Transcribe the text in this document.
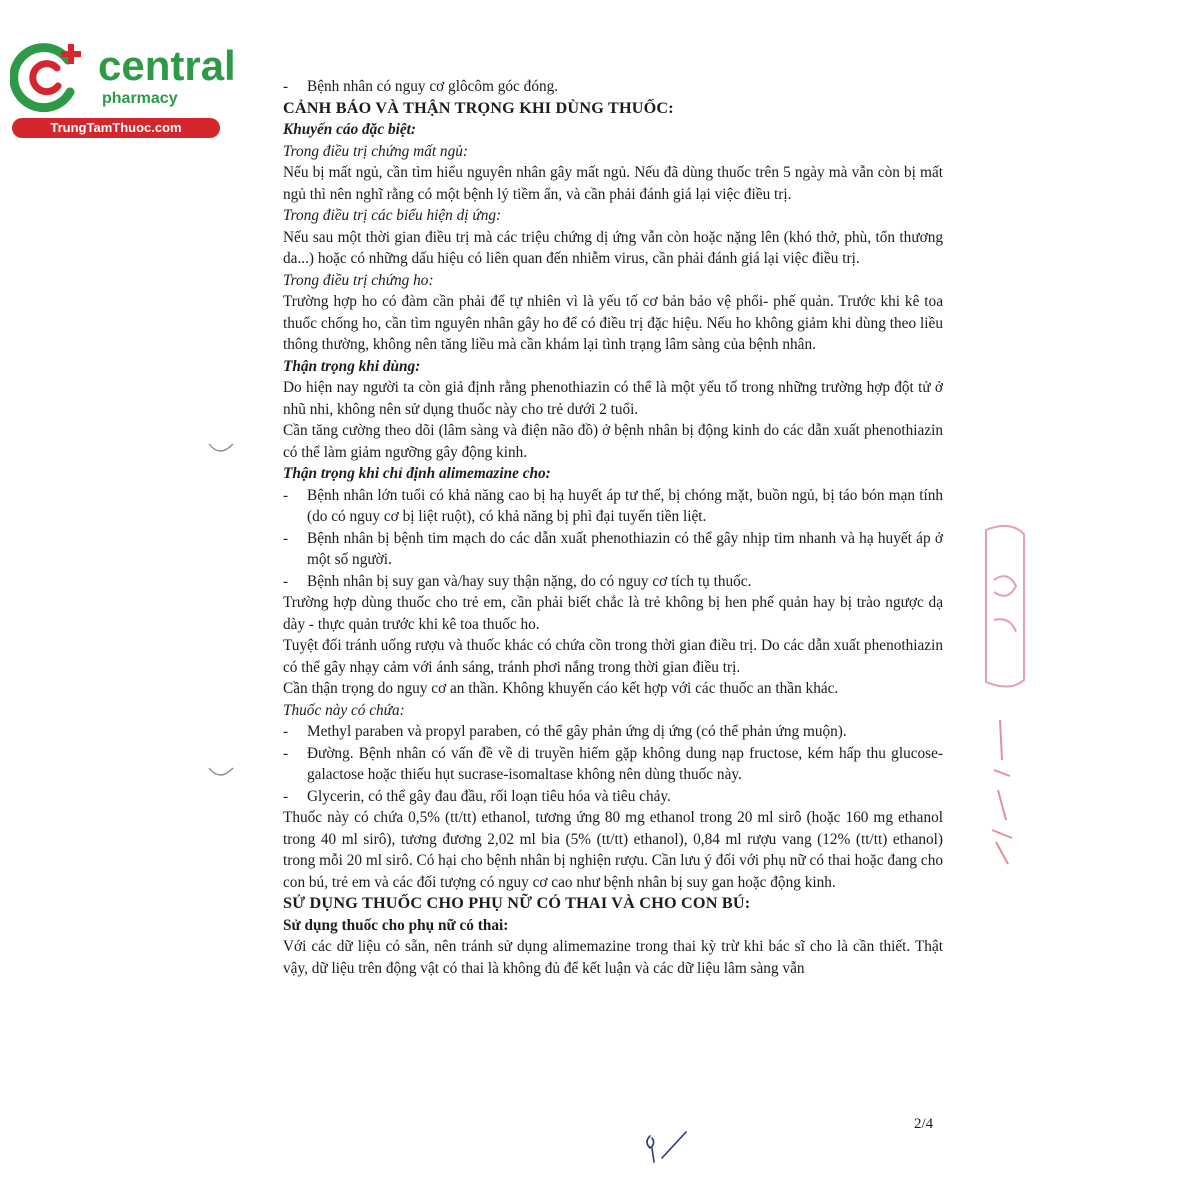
central
pharmacy
TrungTamThuoc.com
- Bệnh nhân có nguy cơ glôcôm góc đóng.

CẢNH BÁO VÀ THẬN TRỌNG KHI DÙNG THUỐC:

Khuyến cáo đặc biệt:

Trong điều trị chứng mất ngủ:

Nếu bị mất ngủ, cần tìm hiểu nguyên nhân gây mất ngủ. Nếu đã dùng thuốc trên 5 ngày mà vẫn còn bị mất ngủ thì nên nghĩ rằng có một bệnh lý tiềm ẩn, và cần phải đánh giá lại việc điều trị.

Trong điều trị các biểu hiện dị ứng:

Nếu sau một thời gian điều trị mà các triệu chứng dị ứng vẫn còn hoặc nặng lên (khó thở, phù, tổn thương da...) hoặc có những dấu hiệu có liên quan đến nhiễm virus, cần phải đánh giá lại việc điều trị.

Trong điều trị chứng ho:

Trường hợp ho có đàm cần phải để tự nhiên vì là yếu tố cơ bản bảo vệ phổi- phế quản. Trước khi kê toa thuốc chống ho, cần tìm nguyên nhân gây ho để có điều trị đặc hiệu. Nếu ho không giảm khi dùng theo liều thông thường, không nên tăng liều mà cần khám lại tình trạng lâm sàng của bệnh nhân.

Thận trọng khi dùng:

Do hiện nay người ta còn giả định rằng phenothiazin có thể là một yếu tố trong những trường hợp đột tử ở nhũ nhi, không nên sử dụng thuốc này cho trẻ dưới 2 tuổi.

Cần tăng cường theo dõi (lâm sàng và điện não đồ) ở bệnh nhân bị động kinh do các dẫn xuất phenothiazin có thể làm giảm ngưỡng gây động kinh.

Thận trọng khi chỉ định alimemazine cho:

- Bệnh nhân lớn tuổi có khả năng cao bị hạ huyết áp tư thế, bị chóng mặt, buồn ngủ, bị táo bón mạn tính (do có nguy cơ bị liệt ruột), có khả năng bị phì đại tuyến tiền liệt.
- Bệnh nhân bị bệnh tim mạch do các dẫn xuất phenothiazin có thể gây nhịp tim nhanh và hạ huyết áp ở một số người.
- Bệnh nhân bị suy gan và/hay suy thận nặng, do có nguy cơ tích tụ thuốc.

Trường hợp dùng thuốc cho trẻ em, cần phải biết chắc là trẻ không bị hen phế quản hay bị trào ngược dạ dày - thực quản trước khi kê toa thuốc ho.

Tuyệt đối tránh uống rượu và thuốc khác có chứa cồn trong thời gian điều trị. Do các dẫn xuất phenothiazin có thể gây nhạy cảm với ánh sáng, tránh phơi nắng trong thời gian điều trị.

Cần thận trọng do nguy cơ an thần. Không khuyến cáo kết hợp với các thuốc an thần khác.

Thuốc này có chứa:

- Methyl paraben và propyl paraben, có thể gây phản ứng dị ứng (có thể phản ứng muộn).
- Đường. Bệnh nhân có vấn đề về di truyền hiếm gặp không dung nạp fructose, kém hấp thu glucose-galactose hoặc thiếu hụt sucrase-isomaltase không nên dùng thuốc này.
- Glycerin, có thể gây đau đầu, rối loạn tiêu hóa và tiêu chảy.

Thuốc này có chứa 0,5% (tt/tt) ethanol, tương ứng 80 mg ethanol trong 20 ml sirô (hoặc 160 mg ethanol trong 40 ml sirô), tương đương 2,02 ml bia (5% (tt/tt) ethanol), 0,84 ml rượu vang (12% (tt/tt) ethanol) trong mỗi 20 ml sirô. Có hại cho bệnh nhân bị nghiện rượu. Cần lưu ý đối với phụ nữ có thai hoặc đang cho con bú, trẻ em và các đối tượng có nguy cơ cao như bệnh nhân bị suy gan hoặc động kinh.

SỬ DỤNG THUỐC CHO PHỤ NỮ CÓ THAI VÀ CHO CON BÚ:

Sử dụng thuốc cho phụ nữ có thai:

Với các dữ liệu có sẵn, nên tránh sử dụng alimemazine trong thai kỳ trừ khi bác sĩ cho là cần thiết. Thật vậy, dữ liệu trên động vật có thai là không đủ để kết luận và các dữ liệu lâm sàng vẫn

2/4
